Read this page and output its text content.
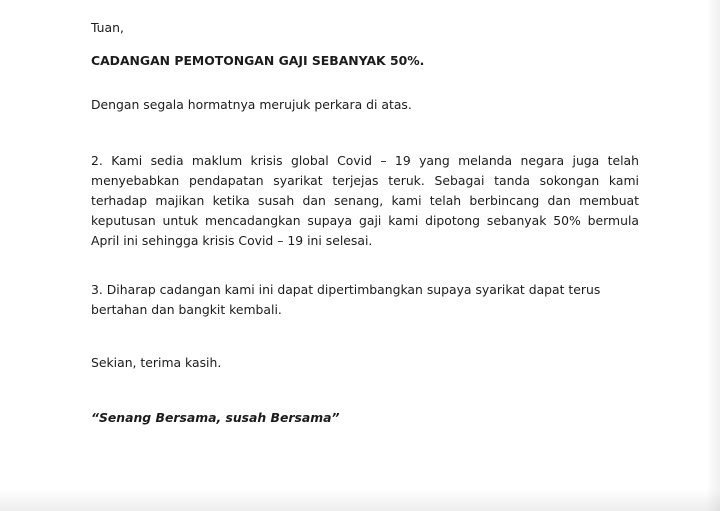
Tuan,

CADANGAN PEMOTONGAN GAJI SEBANYAK 50%.

Dengan segala hormatnya merujuk perkara di atas.

2. Kami sedia maklum krisis global Covid – 19 yang melanda negara juga telah menyebabkan pendapatan syarikat terjejas teruk. Sebagai tanda sokongan kami terhadap majikan ketika susah dan senang, kami telah berbincang dan membuat keputusan untuk mencadangkan supaya gaji kami dipotong sebanyak 50% bermula April ini sehingga krisis Covid – 19 ini selesai.

3. Diharap cadangan kami ini dapat dipertimbangkan supaya syarikat dapat terus bertahan dan bangkit kembali.

Sekian, terima kasih.

“Senang Bersama, susah Bersama”
